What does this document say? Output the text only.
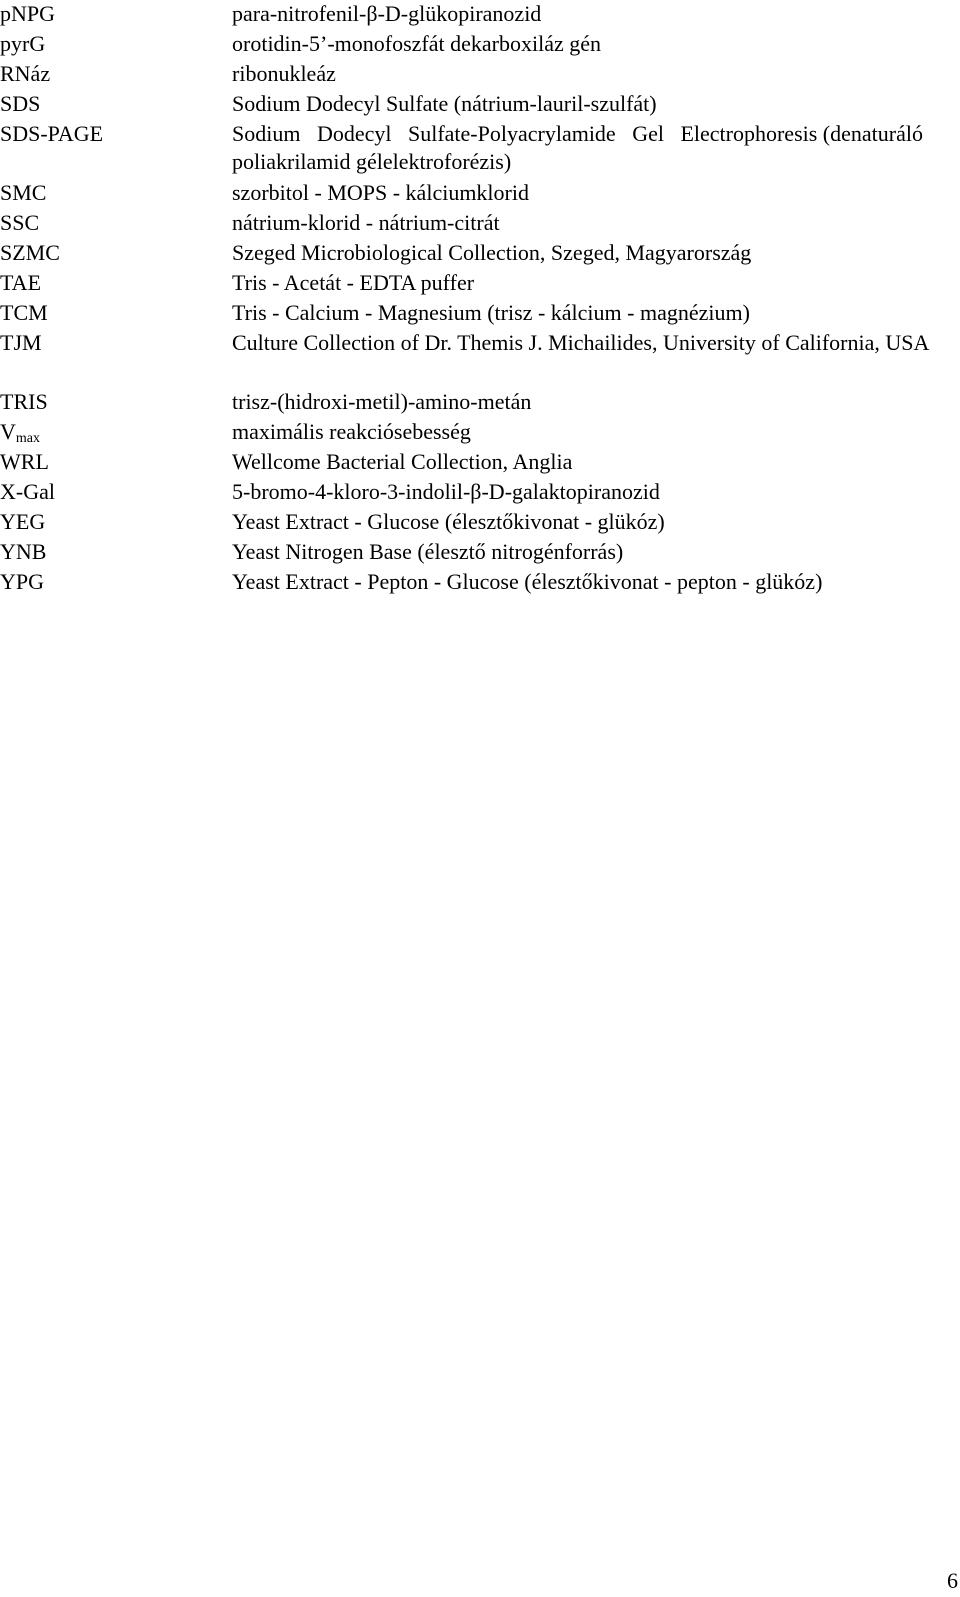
pNPG	para-nitrofenil-β-D-glükopiranozid
pyrG	orotidin-5’-monofoszfát dekarboxiláz gén
RNáz	ribonukleáz
SDS	Sodium Dodecyl Sulfate (nátrium-lauril-szulfát)
SDS-PAGE	Sodium   Dodecyl   Sulfate-Polyacrylamide   Gel   Electrophoresis (denaturáló poliakrilamid gélelektroforézis)
SMC	szorbitol - MOPS - kálciumklorid
SSC	nátrium-klorid - nátrium-citrát
SZMC	Szeged Microbiological Collection, Szeged, Magyarország
TAE	Tris - Acetát - EDTA puffer
TCM	Tris - Calcium - Magnesium (trisz - kálcium - magnézium)
TJM	Culture Collection of Dr. Themis J. Michailides, University of California, USA
TRIS	trisz-(hidroxi-metil)-amino-metán
$V_{max}$	maximális reakciósebesség
WRL	Wellcome Bacterial Collection, Anglia
X-Gal	5-bromo-4-kloro-3-indolil-β-D-galaktopiranozid
YEG	Yeast Extract - Glucose (élesztőkivonat - glükóz)
YNB	Yeast Nitrogen Base (élesztő nitrogénforrás)
YPG	Yeast Extract - Pepton - Glucose (élesztőkivonat - pepton - glükóz)
6
